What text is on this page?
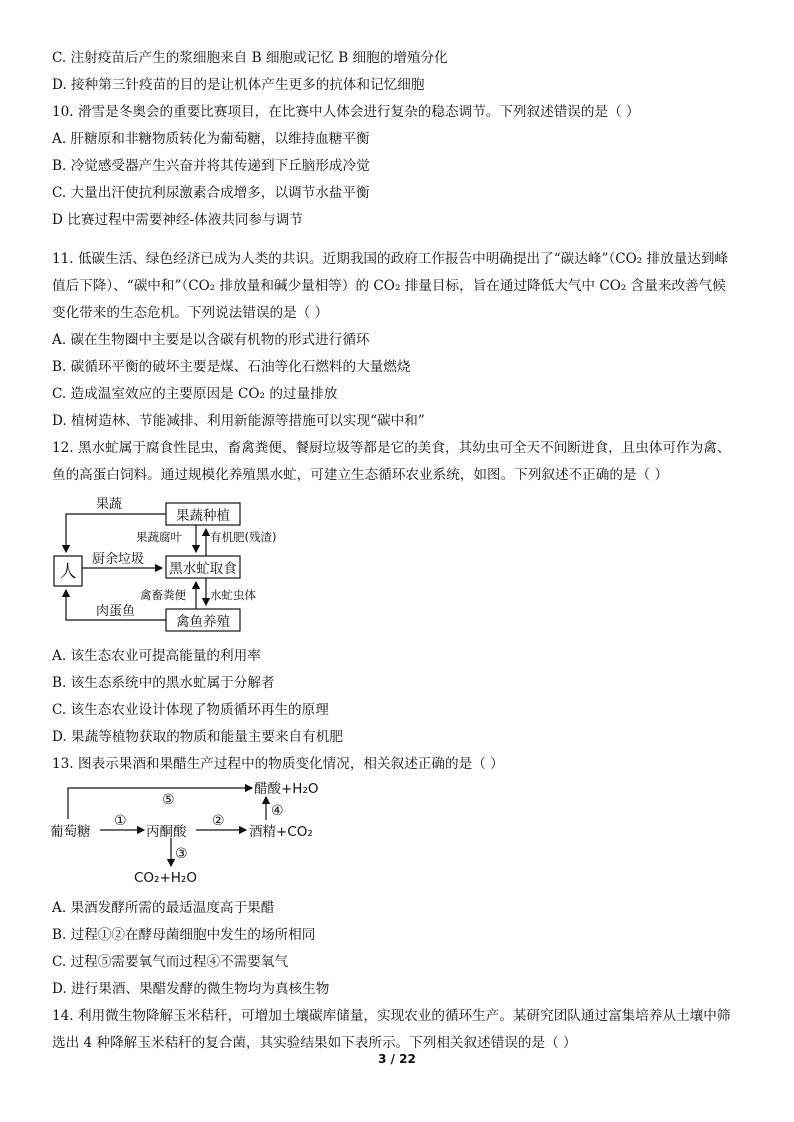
C. 注射疫苗后产生的浆细胞来自 B 细胞或记忆 B 细胞的增殖分化
D. 接种第三针疫苗的目的是让机体产生更多的抗体和记忆细胞
10. 滑雪是冬奥会的重要比赛项目，在比赛中人体会进行复杂的稳态调节。下列叙述错误的是（ ）
A. 肝糖原和非糖物质转化为葡萄糖，以维持血糖平衡
B. 冷觉感受器产生兴奋并将其传递到下丘脑形成冷觉
C. 大量出汗使抗利尿激素合成增多，以调节水盐平衡
D 比赛过程中需要神经-体液共同参与调节
11. 低碳生活、绿色经济已成为人类的共识。近期我国的政府工作报告中明确提出了“碳达峰”（CO₂ 排放量达到峰
值后下降）、“碳中和”（CO₂ 排放量和碱少量相等）的 CO₂ 排量目标，旨在通过降低大气中 CO₂ 含量来改善气候
变化带来的生态危机。下列说法错误的是（ ）
A. 碳在生物圈中主要是以含碳有机物的形式进行循环
B. 碳循环平衡的破坏主要是煤、石油等化石燃料的大量燃烧
C. 造成温室效应的主要原因是 CO₂ 的过量排放
D. 植树造林、节能减排、利用新能源等措施可以实现“碳中和”
12. 黑水虻属于腐食性昆虫，畜禽粪便、餐厨垃圾等都是它的美食，其幼虫可全天不间断进食，且虫体可作为禽、
鱼的高蛋白饲料。通过规模化养殖黑水虻，可建立生态循环农业系统，如图。下列叙述不正确的是（ ）
人
果蔬种植
黑水虻取食
禽鱼养殖
果蔬
厨余垃圾
肉蛋鱼
果蔬腐叶 有机肥(残渣)
禽畜粪便 水虻虫体
A. 该生态农业可提高能量的利用率
B. 该生态系统中的黑水虻属于分解者
C. 该生态农业设计体现了物质循环再生的原理
D. 果蔬等植物获取的物质和能量主要来自有机肥
13. 图表示果酒和果醋生产过程中的物质变化情况，相关叙述正确的是（ ）
葡萄糖	丙酮酸	酒精+CO₂
醋酸+H₂O
CO₂+H₂O
①	②
③
④
⑤
A. 果酒发酵所需的最适温度高于果醋
B. 过程①②在酵母菌细胞中发生的场所相同
C. 过程⑤需要氧气而过程④不需要氧气
D. 进行果酒、果醋发酵的微生物均为真核生物
14. 利用微生物降解玉米秸秆，可增加土壤碳库储量，实现农业的循环生产。某研究团队通过富集培养从土壤中筛
选出 4 种降解玉米秸秆的复合菌，其实验结果如下表所示。下列相关叙述错误的是（ ）
3 / 22
